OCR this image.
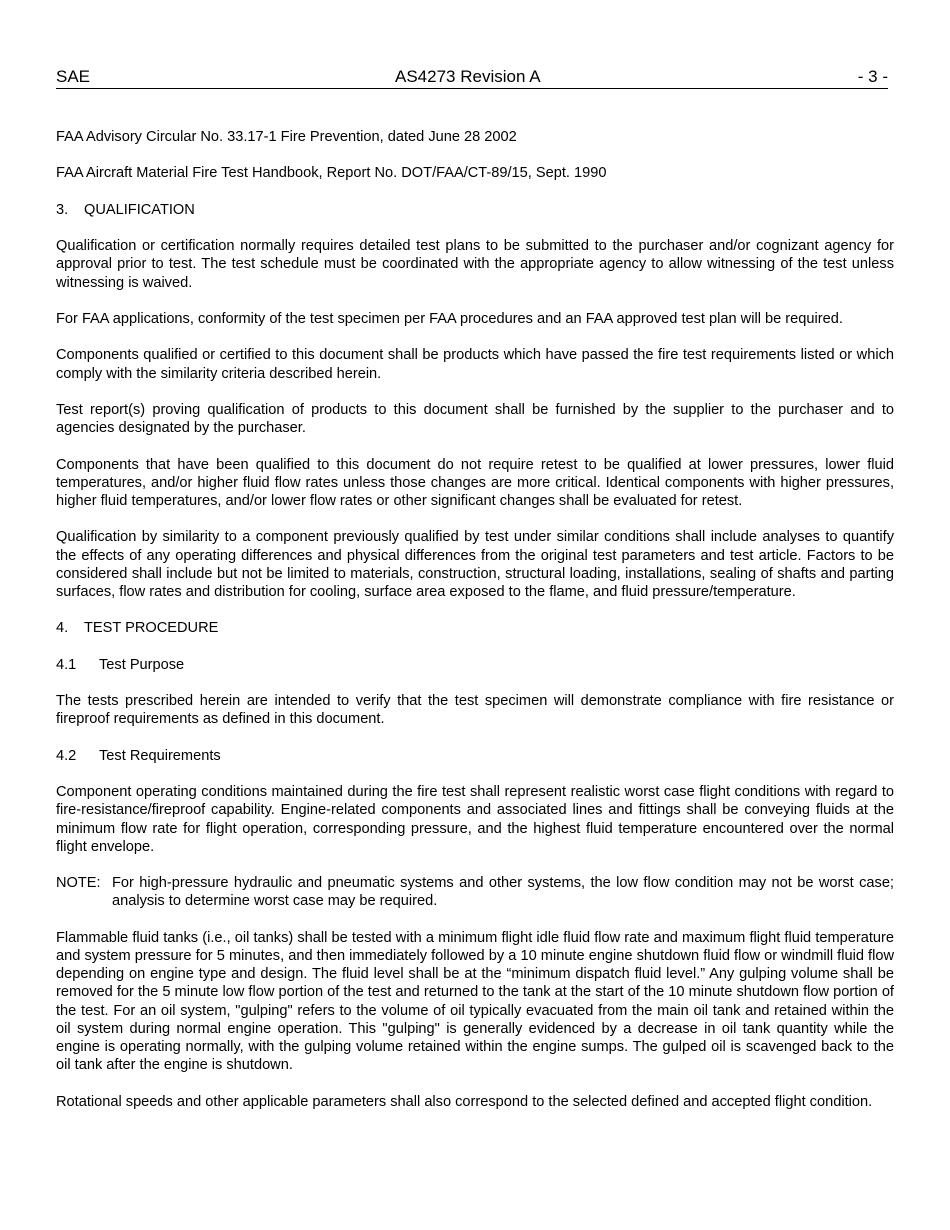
SAE	AS4273 Revision A	- 3 -

FAA Advisory Circular No. 33.17-1 Fire Prevention, dated June 28 2002

FAA Aircraft Material Fire Test Handbook, Report No. DOT/FAA/CT-89/15, Sept. 1990

3. QUALIFICATION

Qualification or certification normally requires detailed test plans to be submitted to the purchaser and/or cognizant agency for approval prior to test. The test schedule must be coordinated with the appropriate agency to allow witnessing of the test unless witnessing is waived.

For FAA applications, conformity of the test specimen per FAA procedures and an FAA approved test plan will be required.

Components qualified or certified to this document shall be products which have passed the fire test requirements listed or which comply with the similarity criteria described herein.

Test report(s) proving qualification of products to this document shall be furnished by the supplier to the purchaser and to agencies designated by the purchaser.

Components that have been qualified to this document do not require retest to be qualified at lower pressures, lower fluid temperatures, and/or higher fluid flow rates unless those changes are more critical. Identical components with higher pressures, higher fluid temperatures, and/or lower flow rates or other significant changes shall be evaluated for retest.

Qualification by similarity to a component previously qualified by test under similar conditions shall include analyses to quantify the effects of any operating differences and physical differences from the original test parameters and test article. Factors to be considered shall include but not be limited to materials, construction, structural loading, installations, sealing of shafts and parting surfaces, flow rates and distribution for cooling, surface area exposed to the flame, and fluid pressure/temperature.

4. TEST PROCEDURE
4.1 Test Purpose

The tests prescribed herein are intended to verify that the test specimen will demonstrate compliance with fire resistance or fireproof requirements as defined in this document.

4.2 Test Requirements

Component operating conditions maintained during the fire test shall represent realistic worst case flight conditions with regard to fire-resistance/fireproof capability. Engine-related components and associated lines and fittings shall be conveying fluids at the minimum flow rate for flight operation, corresponding pressure, and the highest fluid temperature encountered over the normal flight envelope.

NOTE: For high-pressure hydraulic and pneumatic systems and other systems, the low flow condition may not be worst case; analysis to determine worst case may be required.

Flammable fluid tanks (i.e., oil tanks) shall be tested with a minimum flight idle fluid flow rate and maximum flight fluid temperature and system pressure for 5 minutes, and then immediately followed by a 10 minute engine shutdown fluid flow or windmill fluid flow depending on engine type and design. The fluid level shall be at the “minimum dispatch fluid level.” Any gulping volume shall be removed for the 5 minute low flow portion of the test and returned to the tank at the start of the 10 minute shutdown flow portion of the test. For an oil system, "gulping" refers to the volume of oil typically evacuated from the main oil tank and retained within the oil system during normal engine operation. This "gulping" is generally evidenced by a decrease in oil tank quantity while the engine is operating normally, with the gulping volume retained within the engine sumps. The gulped oil is scavenged back to the oil tank after the engine is shutdown.

Rotational speeds and other applicable parameters shall also correspond to the selected defined and accepted flight condition.
